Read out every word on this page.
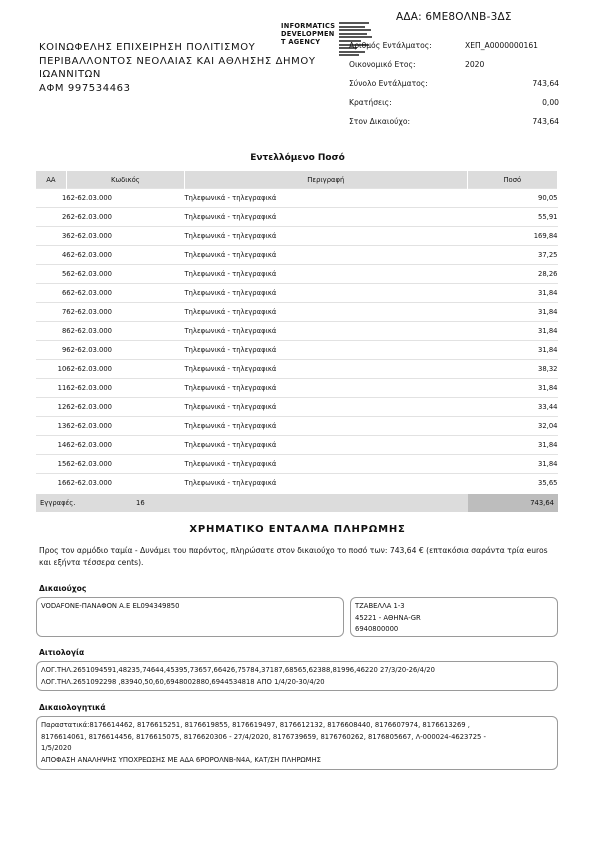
ΑΔΑ: 6ΜΕ8ΟΛΝΒ-3ΔΣ
ΚΟΙΝΩΦΕΛΗΣ ΕΠΙΧΕΙΡΗΣΗ ΠΟΛΙΤΙΣΜΟΥ
ΠΕΡΙΒΑΛΛΟΝΤΟΣ ΝΕΟΛΑΙΑΣ ΚΑΙ ΑΘΛΗΣΗΣ ΔΗΜΟΥ
ΙΩΑΝΝΙΤΩΝ
ΑΦΜ 997534463
INFORMATICS
DEVELOPMEN
T AGENCY	Αριθμός Εντάλματος:	ΧΕΠ_Α0000000161
Οικονομικό Ετος:	2020
Σύνολο Εντάλματος:	743,64
Κρατήσεις:	0,00
Στον Δικαιούχο:	743,64
Εντελλόμενο Ποσό
ΑΑ	Κωδικός	Περιγραφή	Ποσό
1	62-62.03.000	Τηλεφωνικά - τηλεγραφικά	90,05
2	62-62.03.000	Τηλεφωνικά - τηλεγραφικά	55,91
3	62-62.03.000	Τηλεφωνικά - τηλεγραφικά	169,84
4	62-62.03.000	Τηλεφωνικά - τηλεγραφικά	37,25
5	62-62.03.000	Τηλεφωνικά - τηλεγραφικά	28,26
6	62-62.03.000	Τηλεφωνικά - τηλεγραφικά	31,84
7	62-62.03.000	Τηλεφωνικά - τηλεγραφικά	31,84
8	62-62.03.000	Τηλεφωνικά - τηλεγραφικά	31,84
9	62-62.03.000	Τηλεφωνικά - τηλεγραφικά	31,84
10	62-62.03.000	Τηλεφωνικά - τηλεγραφικά	38,32
11	62-62.03.000	Τηλεφωνικά - τηλεγραφικά	31,84
12	62-62.03.000	Τηλεφωνικά - τηλεγραφικά	33,44
13	62-62.03.000	Τηλεφωνικά - τηλεγραφικά	32,04
14	62-62.03.000	Τηλεφωνικά - τηλεγραφικά	31,84
15	62-62.03.000	Τηλεφωνικά - τηλεγραφικά	31,84
16	62-62.03.000	Τηλεφωνικά - τηλεγραφικά	35,65
Εγγραφές.	16	743,64
ΧΡΗΜΑΤΙΚΟ ΕΝΤΑΛΜΑ ΠΛΗΡΩΜΗΣ
Προς τον αρμόδιο ταμία - Δυνάμει του παρόντος, πληρώσατε στον δικαιούχο το ποσό των: 743,64 € (επτακόσια σαράντα τρία euros και εξήντα τέσσερα cents).
Δικαιούχος
VODAFONE-ΠΑΝΑΦΟΝ Α.Ε EL094349850	ΤΖΑΒΕΛΛΑ 1-3
45221 - ΑΘΗΝΑ-GR
6940800000
Αιτιολογία
ΛΟΓ.ΤΗΛ.2651094591,48235,74644,45395,73657,66426,75784,37187,68565,62388,81996,46220 27/3/20-26/4/20
ΛΟΓ.ΤΗΛ.2651092298 ,83940,50,60,6948002880,6944534818 ΑΠΟ 1/4/20-30/4/20
Δικαιολογητικά
Παραστατικά:8176614462, 8176615251, 8176619855, 8176619497, 8176612132, 8176608440, 8176607974, 8176613269 ,
8176614061, 8176614456, 8176615075, 8176620306 - 27/4/2020, 8176739659, 8176760262, 8176805667, Λ-000024-4623725 -
1/5/2020
ΑΠΟΦΑΣΗ ΑΝΑΛΗΨΗΣ ΥΠΟΧΡΕΩΣΗΣ ΜΕ ΑΔΑ 6ΡΟΡΟΛΝΒ-Ν4Α, ΚΑΤ/ΣΗ ΠΛΗΡΩΜΗΣ
